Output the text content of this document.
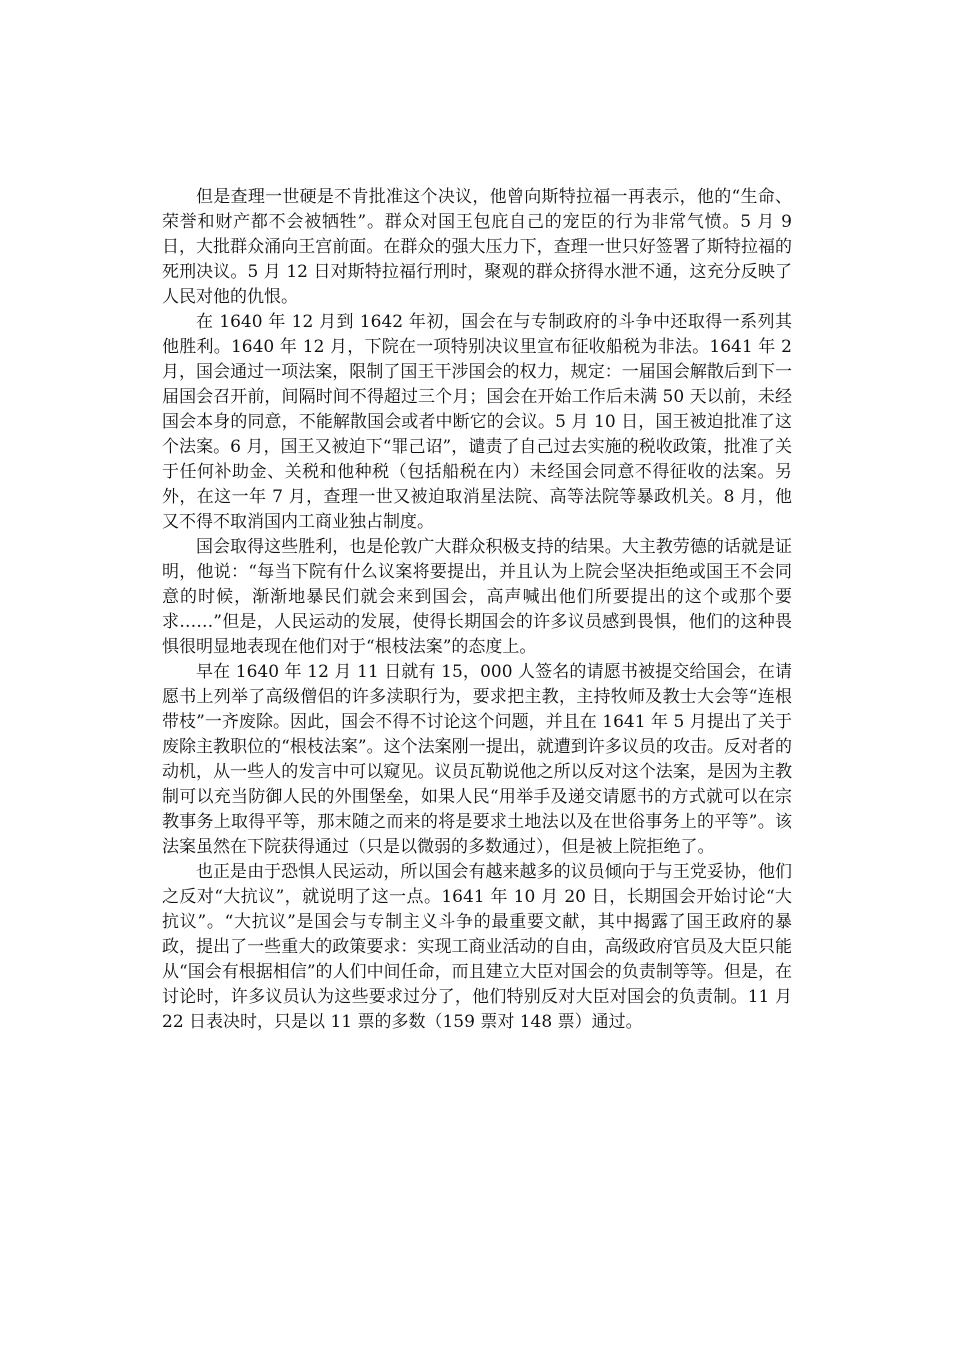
但是查理一世硬是不肯批准这个决议，他曾向斯特拉福一再表示，他的“生命、荣誉和财产都不会被牺牲”。群众对国王包庇自己的宠臣的行为非常气愤。5 月 9 日，大批群众涌向王宫前面。在群众的强大压力下，查理一世只好签署了斯特拉福的死刑决议。5 月 12 日对斯特拉福行刑时，聚观的群众挤得水泄不通，这充分反映了人民对他的仇恨。

在 1640 年 12 月到 1642 年初，国会在与专制政府的斗争中还取得一系列其他胜利。1640 年 12 月，下院在一项特别决议里宣布征收船税为非法。1641 年 2 月，国会通过一项法案，限制了国王干涉国会的权力，规定：一届国会解散后到下一届国会召开前，间隔时间不得超过三个月；国会在开始工作后未满 50 天以前，未经国会本身的同意，不能解散国会或者中断它的会议。5 月 10 日，国王被迫批准了这个法案。6 月，国王又被迫下“罪己诏”，谴责了自己过去实施的税收政策，批准了关于任何补助金、关税和他种税（包括船税在内）未经国会同意不得征收的法案。另外，在这一年 7 月，查理一世又被迫取消星法院、高等法院等暴政机关。8 月，他又不得不取消国内工商业独占制度。

国会取得这些胜利，也是伦敦广大群众积极支持的结果。大主教劳德的话就是证明，他说：“每当下院有什么议案将要提出，并且认为上院会坚决拒绝或国王不会同意的时候，渐渐地暴民们就会来到国会，高声喊出他们所要提出的这个或那个要求……”但是，人民运动的发展，使得长期国会的许多议员感到畏惧，他们的这种畏惧很明显地表现在他们对于“根枝法案”的态度上。

早在 1640 年 12 月 11 日就有 15，000 人签名的请愿书被提交给国会，在请愿书上列举了高级僧侣的许多渎职行为，要求把主教，主持牧师及教士大会等“连根带枝”一齐废除。因此，国会不得不讨论这个问题，并且在 1641 年 5 月提出了关于废除主教职位的“根枝法案”。这个法案刚一提出，就遭到许多议员的攻击。反对者的动机，从一些人的发言中可以窥见。议员瓦勒说他之所以反对这个法案，是因为主教制可以充当防御人民的外围堡垒，如果人民“用举手及递交请愿书的方式就可以在宗教事务上取得平等，那末随之而来的将是要求土地法以及在世俗事务上的平等”。该法案虽然在下院获得通过（只是以微弱的多数通过），但是被上院拒绝了。

也正是由于恐惧人民运动，所以国会有越来越多的议员倾向于与王党妥协，他们之反对“大抗议”，就说明了这一点。1641 年 10 月 20 日，长期国会开始讨论“大抗议”。“大抗议”是国会与专制主义斗争的最重要文献，其中揭露了国王政府的暴政，提出了一些重大的政策要求：实现工商业活动的自由，高级政府官员及大臣只能从“国会有根据相信”的人们中间任命，而且建立大臣对国会的负责制等等。但是，在讨论时，许多议员认为这些要求过分了，他们特别反对大臣对国会的负责制。11 月 22 日表决时，只是以 11 票的多数（159 票对 148 票）通过。
